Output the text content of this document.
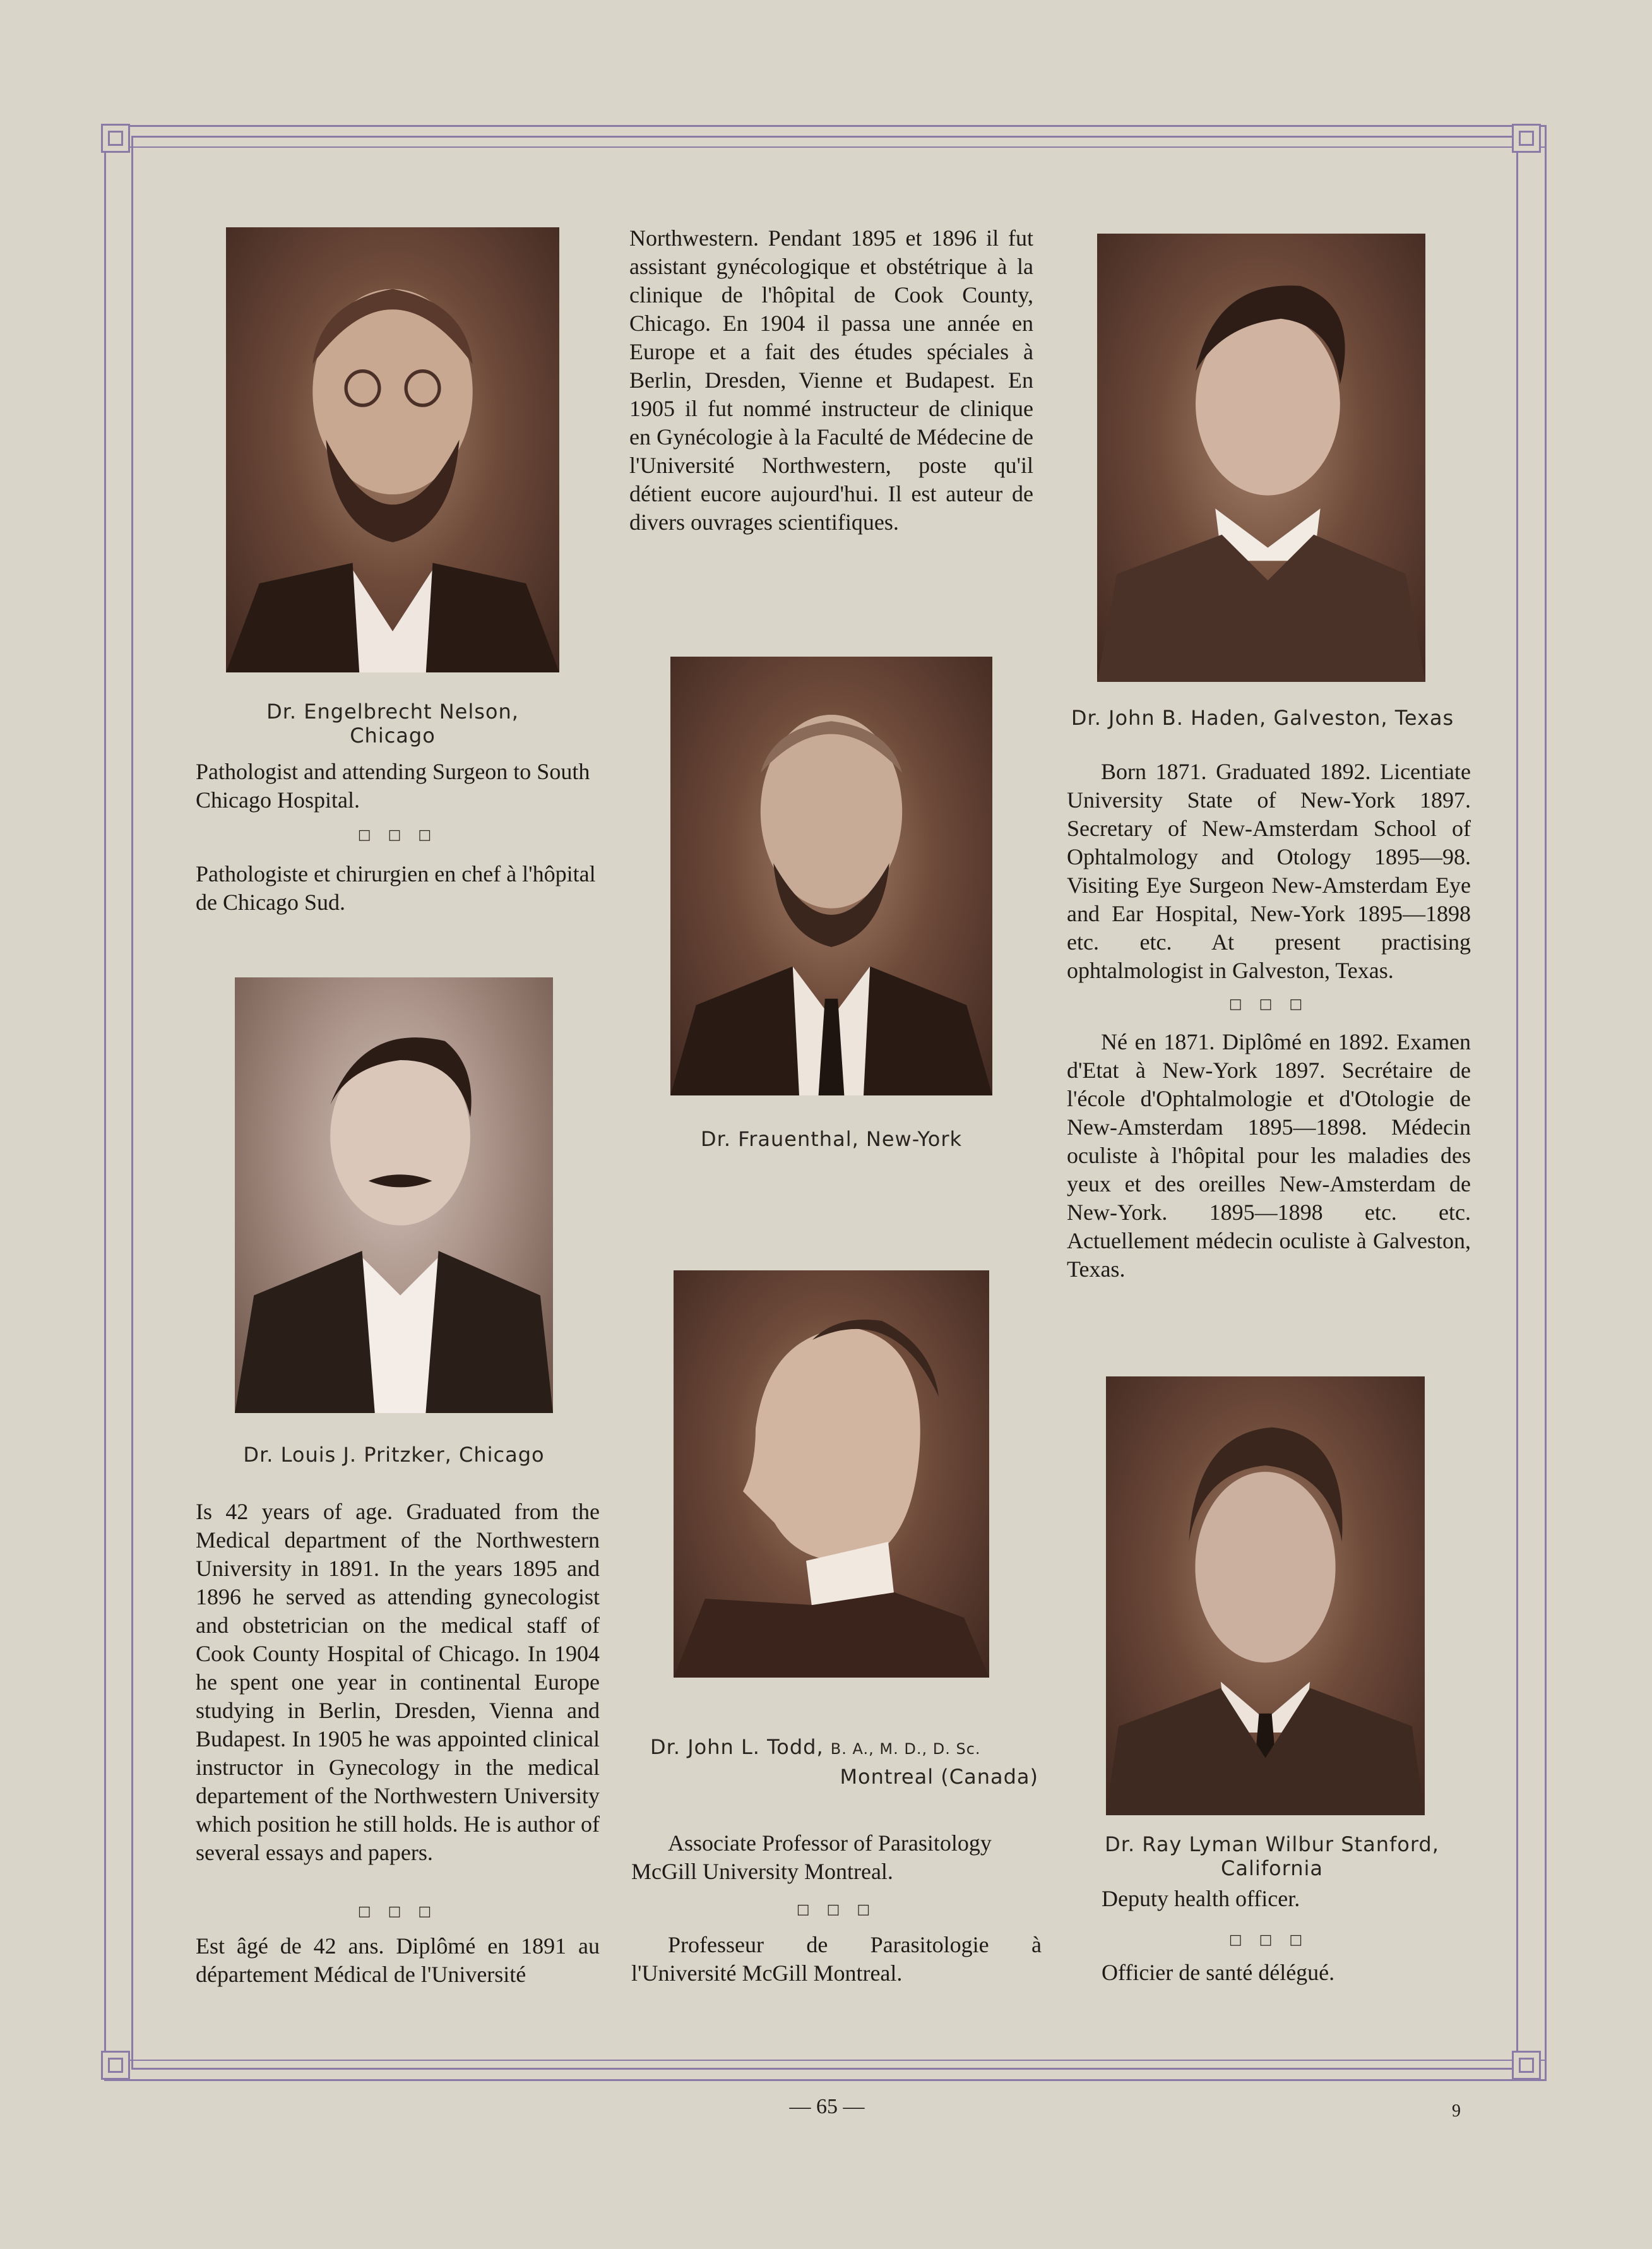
Dr. Engelbrecht Nelson, Chicago
Pathologist and attending Surgeon to South Chicago Hospital.
□ □ □
Pathologiste et chirurgien en chef à l'hôpital de Chicago Sud.
Dr. Louis J. Pritzker, Chicago
Is 42 years of age. Graduated from the Medical department of the Northwestern University in 1891. In the years 1895 and 1896 he served as attending gynecologist and obstetrician on the medical staff of Cook County Hospital of Chicago. In 1904 he spent one year in continental Europe studying in Berlin, Dresden, Vienna and Budapest. In 1905 he was appointed clinical instructor in Gynecology in the medical departement of the Northwestern University which position he still holds. He is author of several essays and papers.
□ □ □
Est âgé de 42 ans. Diplômé en 1891 au département Médical de l'Université
Northwestern. Pendant 1895 et 1896 il fut assistant gynécologique et obstétrique à la clinique de l'hôpital de Cook County, Chicago. En 1904 il passa une année en Europe et a fait des études spéciales à Berlin, Dresden, Vienne et Budapest. En 1905 il fut nommé instructeur de clinique en Gynécologie à la Faculté de Médecine de l'Université Northwestern, poste qu'il détient eucore aujourd'hui. Il est auteur de divers ouvrages scientifiques.
Dr. Frauenthal, New-York
Dr. John L. Todd, B. A., M. D., D. Sc.
Montreal (Canada)
Associate Professor of Parasitology McGill University Montreal.
□ □ □
Professeur de Parasitologie à l'Université McGill Montreal.
Dr. John B. Haden, Galveston, Texas
Born 1871. Graduated 1892. Licentiate University State of New-York 1897. Secretary of New-Amsterdam School of Ophtalmology and Otology 1895—98. Visiting Eye Surgeon New-Amsterdam Eye and Ear Hospital, New-York 1895—1898 etc. etc. At present practising ophtalmologist in Galveston, Texas.
□ □ □
Né en 1871. Diplômé en 1892. Examen d'Etat à New-York 1897. Secrétaire de l'école d'Ophtalmologie et d'Otologie de New-Amsterdam 1895—1898. Médecin oculiste à l'hôpital pour les maladies des yeux et des oreilles New-Amsterdam de New-York. 1895—1898 etc. etc. Actuellement médecin oculiste à Galveston, Texas.
Dr. Ray Lyman Wilbur Stanford, California
Deputy health officer.
□ □ □
Officier de santé délégué.
— 65 —	9
